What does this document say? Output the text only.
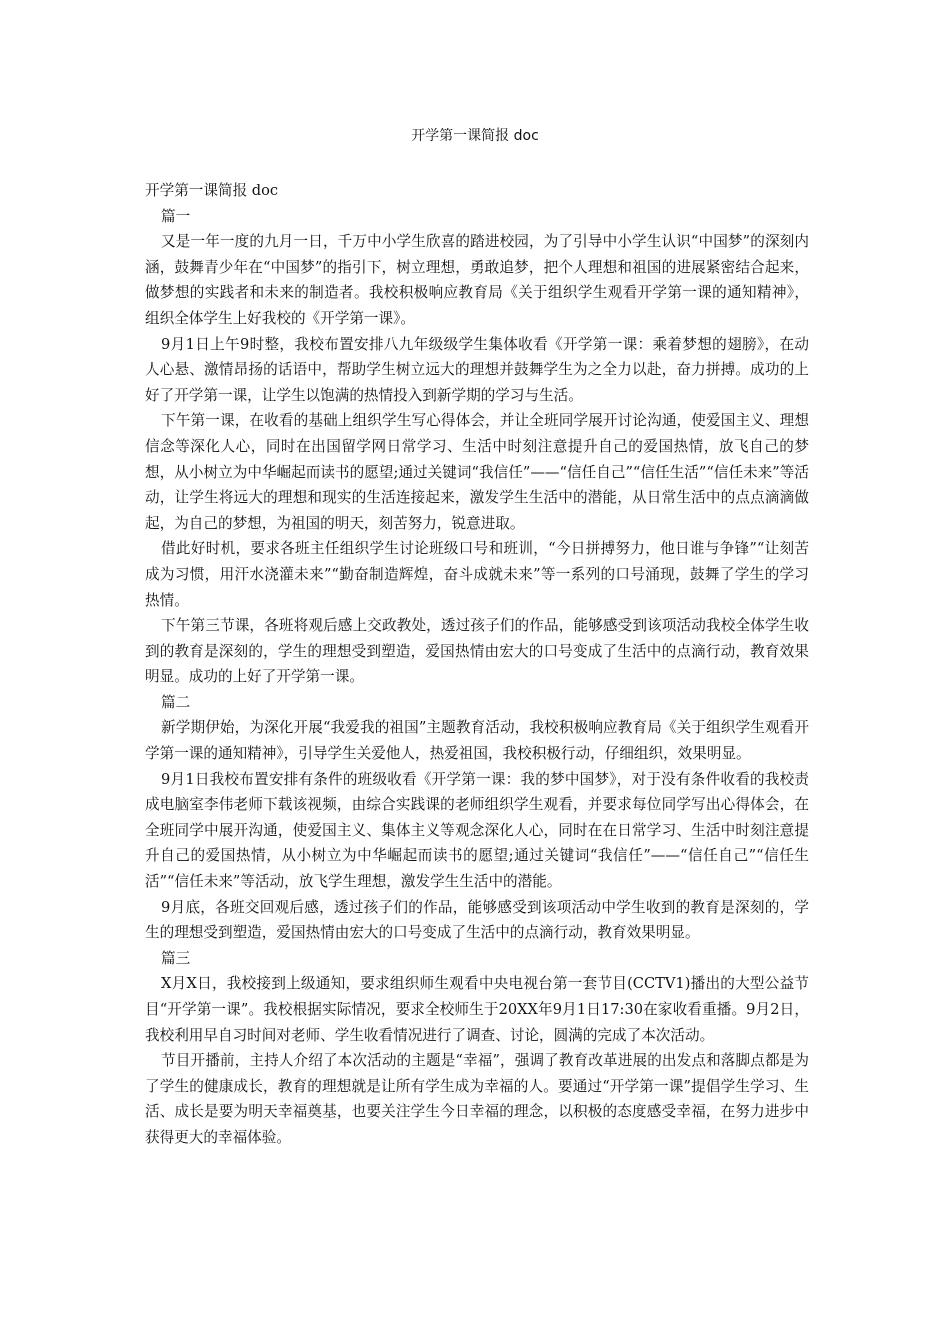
开学第一课简报 doc

开学第一课简报 doc

篇一

又是一年一度的九月一日，千万中小学生欣喜的踏进校园，为了引导中小学生认识“中国梦”的深刻内涵，鼓舞青少年在“中国梦”的指引下，树立理想，勇敢追梦，把个人理想和祖国的进展紧密结合起来，做梦想的实践者和未来的制造者。我校积极响应教育局《关于组织学生观看开学第一课的通知精神》，组织全体学生上好我校的《开学第一课》。

9月1日上午9时整，我校布置安排八九年级级学生集体收看《开学第一课：乘着梦想的翅膀》，在动人心悬、激情昂扬的话语中，帮助学生树立远大的理想并鼓舞学生为之全力以赴，奋力拼搏。成功的上好了开学第一课，让学生以饱满的热情投入到新学期的学习与生活。

下午第一课，在收看的基础上组织学生写心得体会，并让全班同学展开讨论沟通，使爱国主义、理想信念等深化人心，同时在出国留学网日常学习、生活中时刻注意提升自己的爱国热情，放飞自己的梦想，从小树立为中华崛起而读书的愿望;通过关键词“我信任”——“信任自己”“信任生活”“信任未来”等活动，让学生将远大的理想和现实的生活连接起来，激发学生生活中的潜能，从日常生活中的点点滴滴做起，为自己的梦想，为祖国的明天，刻苦努力，锐意进取。

借此好时机，要求各班主任组织学生讨论班级口号和班训，“今日拼搏努力，他日谁与争锋”“让刻苦成为习惯，用汗水浇灌未来”“勤奋制造辉煌，奋斗成就未来”等一系列的口号涌现，鼓舞了学生的学习热情。

下午第三节课，各班将观后感上交政教处，透过孩子们的作品，能够感受到该项活动我校全体学生收到的教育是深刻的，学生的理想受到塑造，爱国热情由宏大的口号变成了生活中的点滴行动，教育效果明显。成功的上好了开学第一课。

篇二

新学期伊始，为深化开展“我爱我的祖国”主题教育活动，我校积极响应教育局《关于组织学生观看开学第一课的通知精神》，引导学生关爱他人，热爱祖国，我校积极行动，仔细组织，效果明显。

9月1日我校布置安排有条件的班级收看《开学第一课：我的梦中国梦》，对于没有条件收看的我校责成电脑室李伟老师下载该视频，由综合实践课的老师组织学生观看，并要求每位同学写出心得体会，在全班同学中展开沟通，使爱国主义、集体主义等观念深化人心，同时在在日常学习、生活中时刻注意提升自己的爱国热情，从小树立为中华崛起而读书的愿望;通过关键词“我信任”——“信任自己”“信任生活”“信任未来”等活动，放飞学生理想，激发学生生活中的潜能。

9月底，各班交回观后感，透过孩子们的作品，能够感受到该项活动中学生收到的教育是深刻的，学生的理想受到塑造，爱国热情由宏大的口号变成了生活中的点滴行动，教育效果明显。

篇三

X月X日，我校接到上级通知，要求组织师生观看中央电视台第一套节目(CCTV1)播出的大型公益节目“开学第一课”。我校根据实际情况，要求全校师生于20XX年9月1日17:30在家收看重播。9月2日，我校利用早自习时间对老师、学生收看情况进行了调查、讨论，圆满的完成了本次活动。

节目开播前，主持人介绍了本次活动的主题是“幸福”，强调了教育改革进展的出发点和落脚点都是为了学生的健康成长，教育的理想就是让所有学生成为幸福的人。要通过“开学第一课”提倡学生学习、生活、成长是要为明天幸福奠基，也要关注学生今日幸福的理念，以积极的态度感受幸福，在努力进步中获得更大的幸福体验。
